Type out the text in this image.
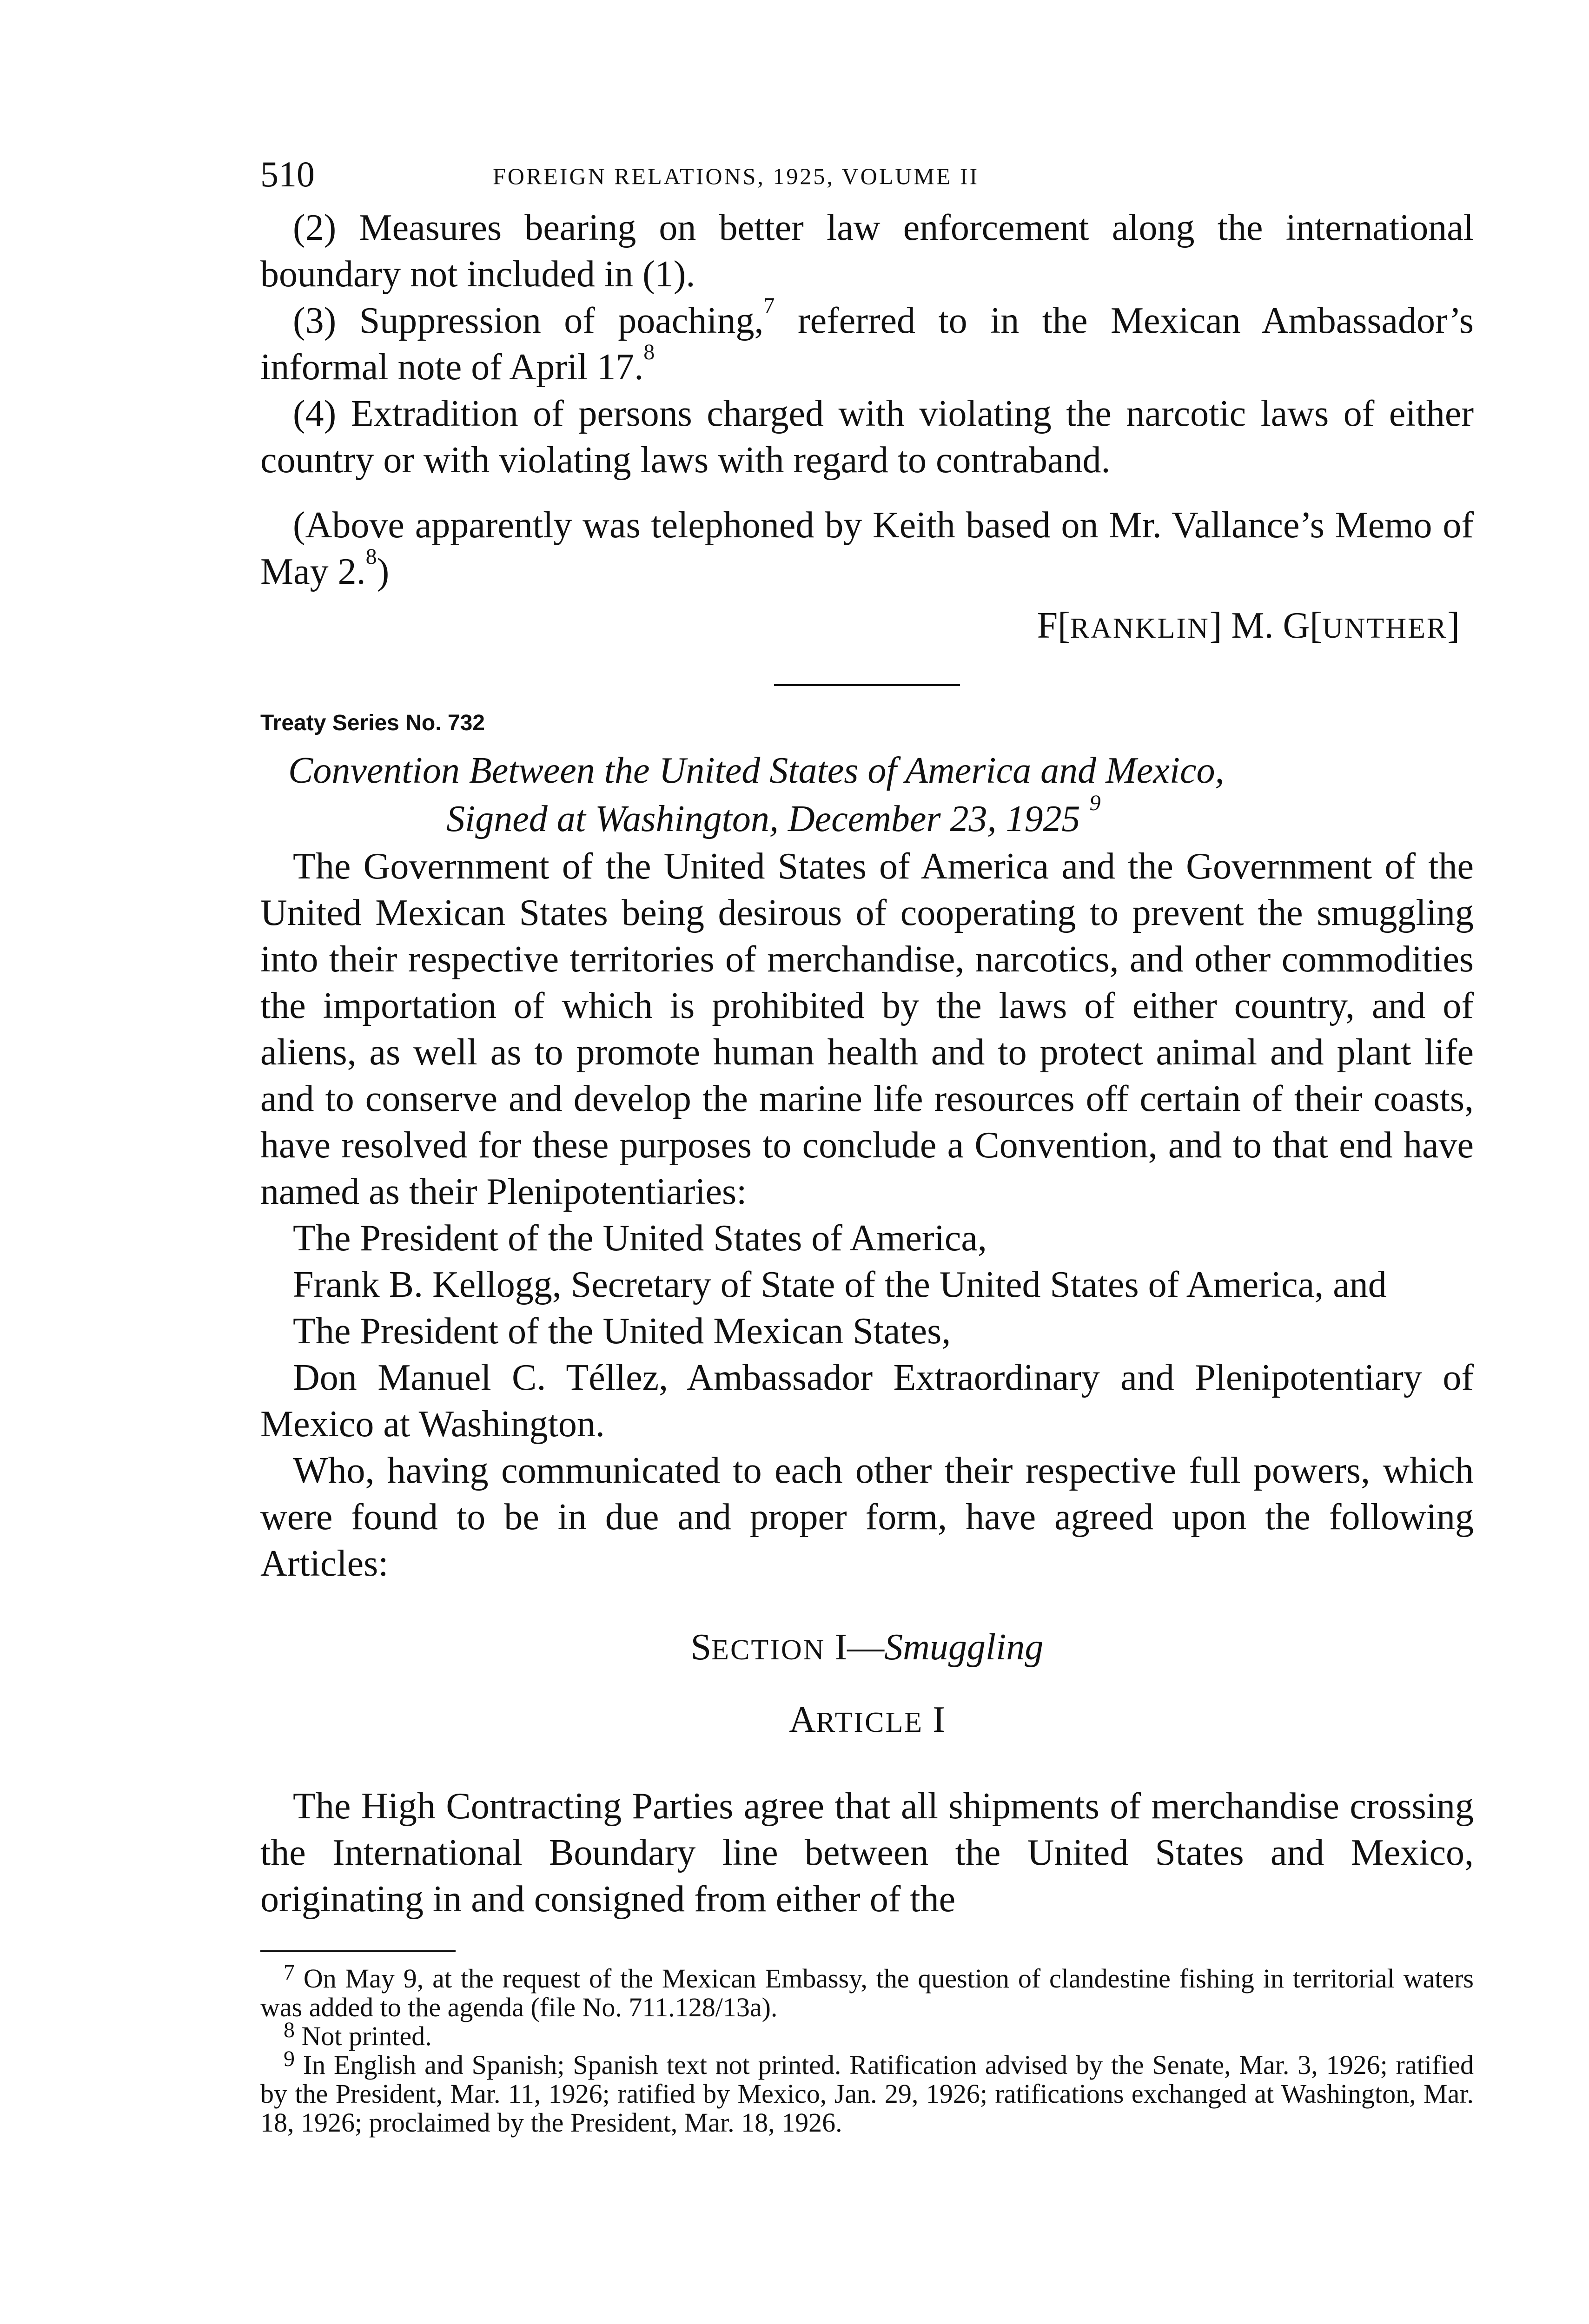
510	FOREIGN RELATIONS, 1925, VOLUME II

(2) Measures bearing on better law enforcement along the international boundary not included in (1).

(3) Suppression of poaching,$^7$ referred to in the Mexican Ambassador’s informal note of April 17.$^8$

(4) Extradition of persons charged with violating the narcotic laws of either country or with violating laws with regard to contraband.

(Above apparently was telephoned by Keith based on Mr. Vallance’s Memo of May 2.$^8$)

F[RANKLIN] M. G[UNTHER]

Treaty Series No. 732

Convention Between the United States of America and Mexico,
Signed at Washington, December 23, 1925 $^9$

The Government of the United States of America and the Government of the United Mexican States being desirous of cooperating to prevent the smuggling into their respective territories of merchandise, narcotics, and other commodities the importation of which is prohibited by the laws of either country, and of aliens, as well as to promote human health and to protect animal and plant life and to conserve and develop the marine life resources off certain of their coasts, have resolved for these purposes to conclude a Convention, and to that end have named as their Plenipotentiaries:

The President of the United States of America,

Frank B. Kellogg, Secretary of State of the United States of America, and

The President of the United Mexican States,

Don Manuel C. Téllez, Ambassador Extraordinary and Plenipotentiary of Mexico at Washington.

Who, having communicated to each other their respective full powers, which were found to be in due and proper form, have agreed upon the following Articles:

SECTION I—Smuggling

ARTICLE I

The High Contracting Parties agree that all shipments of merchandise crossing the International Boundary line between the United States and Mexico, originating in and consigned from either of the

$^7$ On May 9, at the request of the Mexican Embassy, the question of clandestine fishing in territorial waters was added to the agenda (file No. 711.128/13a).

$^8$ Not printed.

$^9$ In English and Spanish; Spanish text not printed. Ratification advised by the Senate, Mar. 3, 1926; ratified by the President, Mar. 11, 1926; ratified by Mexico, Jan. 29, 1926; ratifications exchanged at Washington, Mar. 18, 1926; proclaimed by the President, Mar. 18, 1926.
